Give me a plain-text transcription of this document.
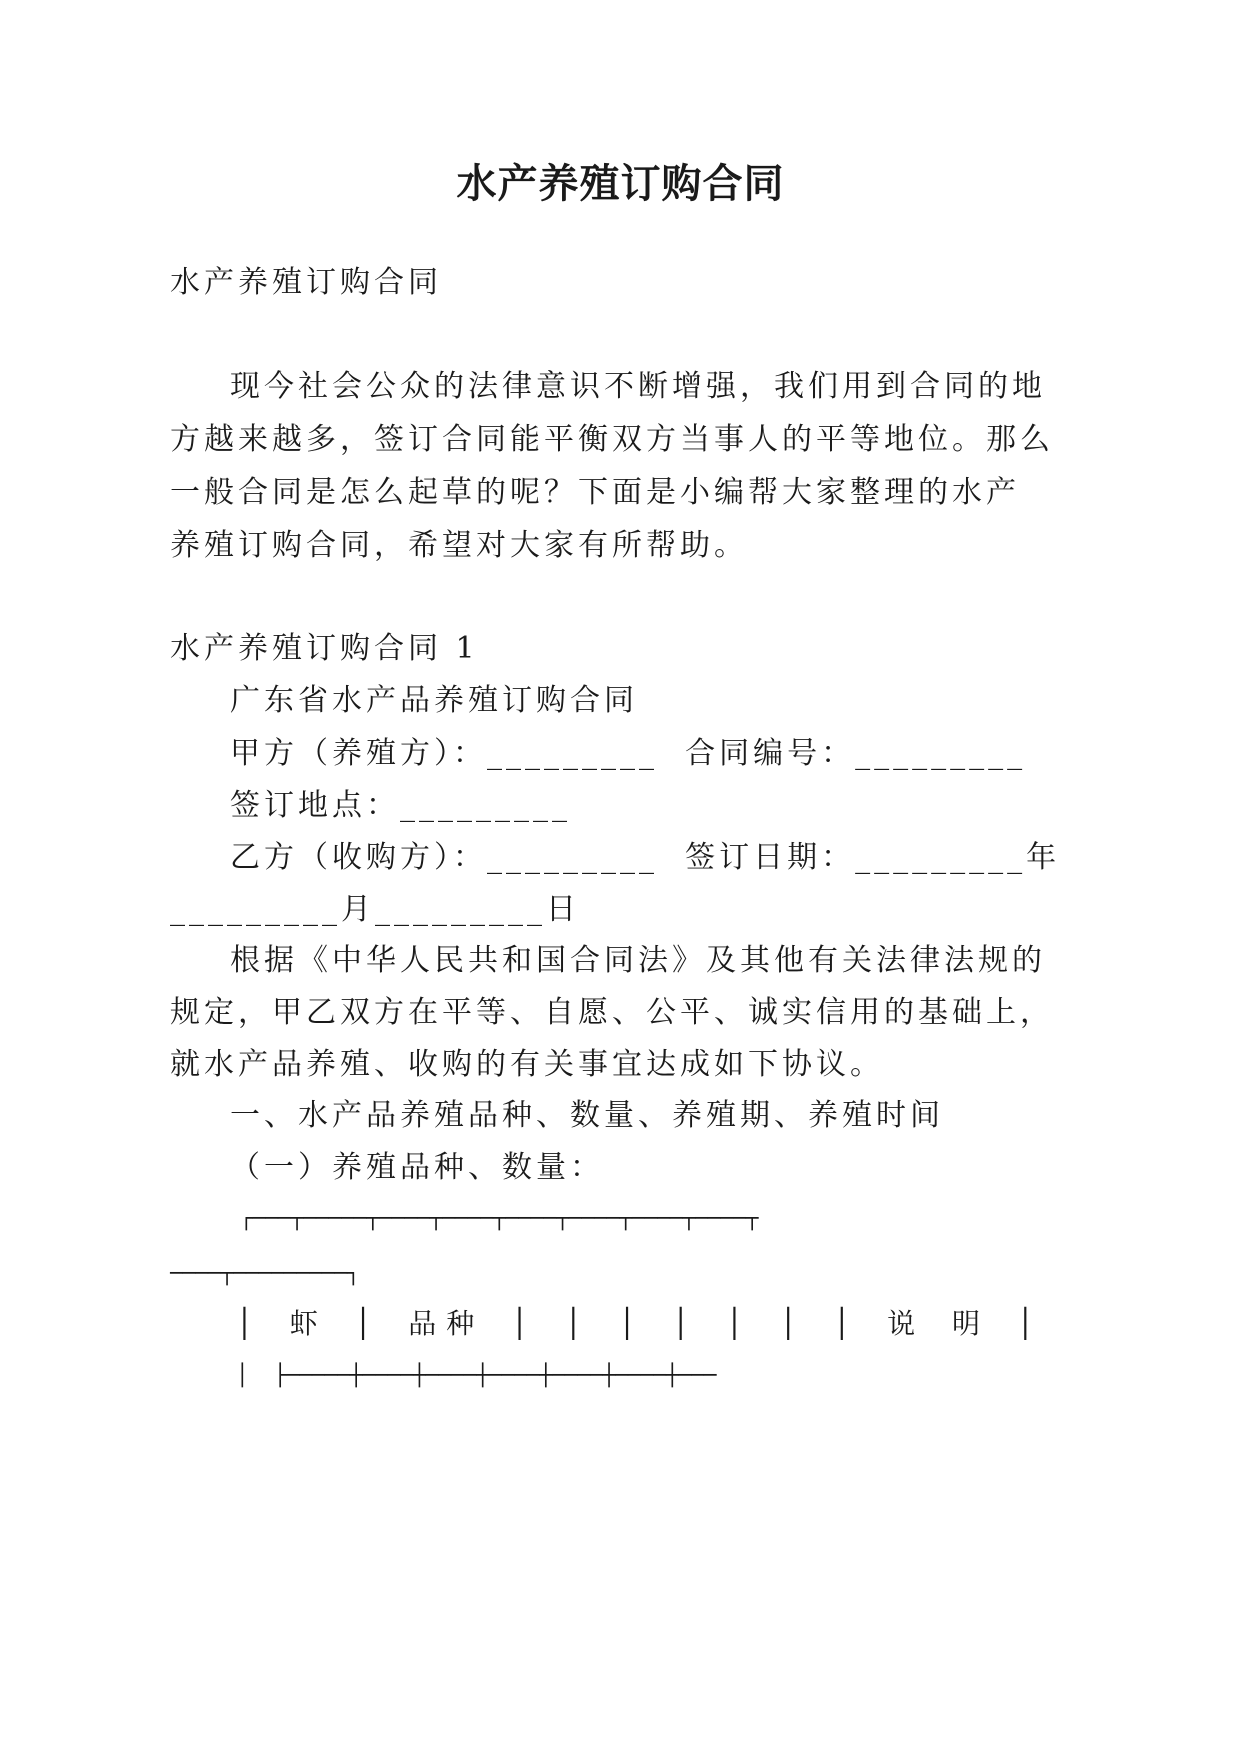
水产养殖订购合同
水产养殖订购合同
现今社会公众的法律意识不断增强，我们用到合同的地
方越来越多，签订合同能平衡双方当事人的平等地位。那么
一般合同是怎么起草的呢？下面是小编帮大家整理的水产
养殖订购合同，希望对大家有所帮助。
水产养殖订购合同 1
广东省水产品养殖订购合同
甲方（养殖方）：_________  合同编号：_________
签订地点：_________
乙方（收购方）：_________  签订日期：_________年
_________月_________日
根据《中华人民共和国合同法》及其他有关法律法规的
规定，甲乙双方在平等、自愿、公平、诚实信用的基础上，
就水产品养殖、收购的有关事宜达成如下协议。
一、水产品养殖品种、数量、养殖期、养殖时间
（一）养殖品种、数量：
┌───┬─────┬────┬────┬────┬────┬────┬────┬
────┬─────────┐
│ 虾 │ 品种 │ │ │ │ │ │ │ 说 明 │
│  ├─────┼────┼────┼────┼────┼────┼───
